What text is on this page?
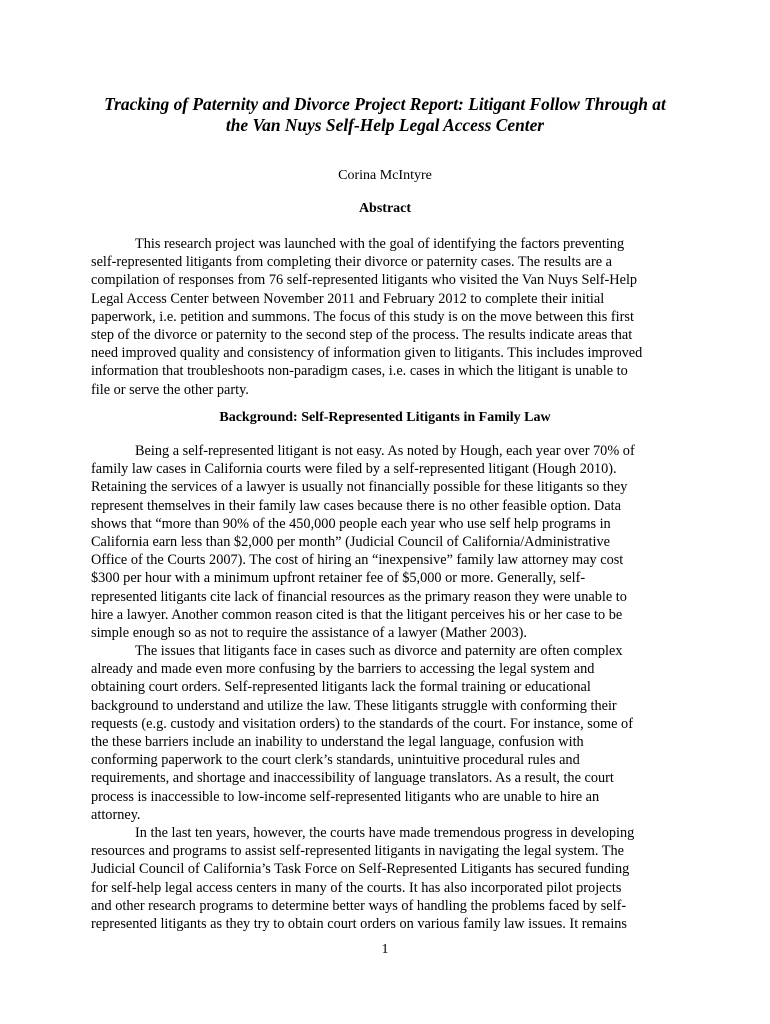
Tracking of Paternity and Divorce Project Report: Litigant Follow Through at
the Van Nuys Self-Help Legal Access Center
Corina McIntyre
Abstract

This research project was launched with the goal of identifying the factors preventing
self-represented litigants from completing their divorce or paternity cases. The results are a
compilation of responses from 76 self-represented litigants who visited the Van Nuys Self-Help
Legal Access Center between November 2011 and February 2012 to complete their initial
paperwork, i.e. petition and summons. The focus of this study is on the move between this first
step of the divorce or paternity to the second step of the process. The results indicate areas that
need improved quality and consistency of information given to litigants. This includes improved
information that troubleshoots non-paradigm cases, i.e. cases in which the litigant is unable to
file or serve the other party.

Background: Self-Represented Litigants in Family Law

Being a self-represented litigant is not easy. As noted by Hough, each year over 70% of
family law cases in California courts were filed by a self-represented litigant (Hough 2010).
Retaining the services of a lawyer is usually not financially possible for these litigants so they
represent themselves in their family law cases because there is no other feasible option. Data
shows that “more than 90% of the 450,000 people each year who use self help programs in
California earn less than $2,000 per month” (Judicial Council of California/Administrative
Office of the Courts 2007). The cost of hiring an “inexpensive” family law attorney may cost
$300 per hour with a minimum upfront retainer fee of $5,000 or more. Generally, self-
represented litigants cite lack of financial resources as the primary reason they were unable to
hire a lawyer. Another common reason cited is that the litigant perceives his or her case to be
simple enough so as not to require the assistance of a lawyer (Mather 2003).

The issues that litigants face in cases such as divorce and paternity are often complex
already and made even more confusing by the barriers to accessing the legal system and
obtaining court orders. Self-represented litigants lack the formal training or educational
background to understand and utilize the law. These litigants struggle with conforming their
requests (e.g. custody and visitation orders) to the standards of the court. For instance, some of
the these barriers include an inability to understand the legal language, confusion with
conforming paperwork to the court clerk’s standards, unintuitive procedural rules and
requirements, and shortage and inaccessibility of language translators. As a result, the court
process is inaccessible to low-income self-represented litigants who are unable to hire an
attorney.

In the last ten years, however, the courts have made tremendous progress in developing
resources and programs to assist self-represented litigants in navigating the legal system. The
Judicial Council of California’s Task Force on Self-Represented Litigants has secured funding
for self-help legal access centers in many of the courts. It has also incorporated pilot projects
and other research programs to determine better ways of handling the problems faced by self-
represented litigants as they try to obtain court orders on various family law issues. It remains

1
